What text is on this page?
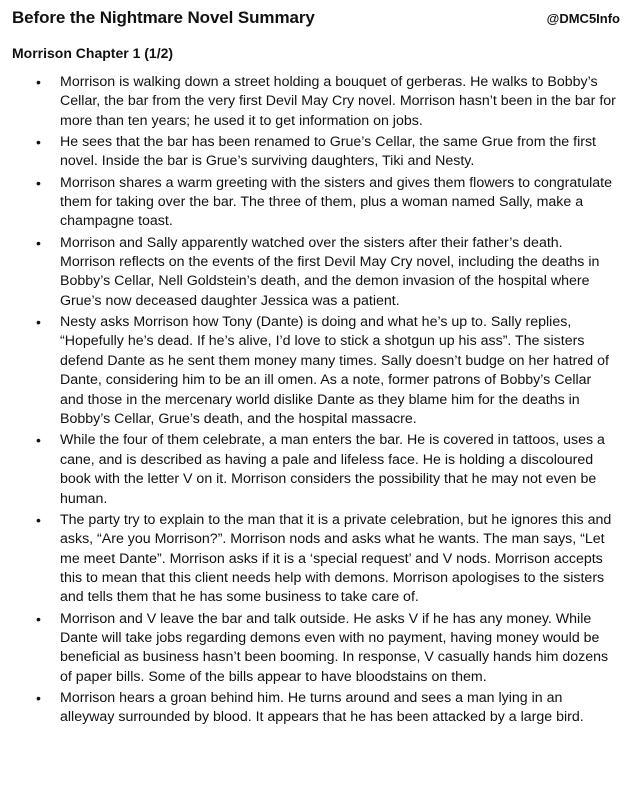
Before the Nightmare Novel Summary	@DMC5Info
Morrison Chapter 1 (1/2)
• Morrison is walking down a street holding a bouquet of gerberas. He walks to Bobby’s Cellar, the bar from the very first Devil May Cry novel. Morrison hasn’t been in the bar for more than ten years; he used it to get information on jobs.
• He sees that the bar has been renamed to Grue’s Cellar, the same Grue from the first novel. Inside the bar is Grue’s surviving daughters, Tiki and Nesty.
• Morrison shares a warm greeting with the sisters and gives them flowers to congratulate them for taking over the bar. The three of them, plus a woman named Sally, make a champagne toast.
• Morrison and Sally apparently watched over the sisters after their father’s death. Morrison reflects on the events of the first Devil May Cry novel, including the deaths in Bobby’s Cellar, Nell Goldstein’s death, and the demon invasion of the hospital where Grue’s now deceased daughter Jessica was a patient.
• Nesty asks Morrison how Tony (Dante) is doing and what he’s up to. Sally replies, “Hopefully he’s dead. If he’s alive, I’d love to stick a shotgun up his ass”. The sisters defend Dante as he sent them money many times. Sally doesn’t budge on her hatred of Dante, considering him to be an ill omen. As a note, former patrons of Bobby’s Cellar and those in the mercenary world dislike Dante as they blame him for the deaths in Bobby’s Cellar, Grue’s death, and the hospital massacre.
• While the four of them celebrate, a man enters the bar. He is covered in tattoos, uses a cane, and is described as having a pale and lifeless face. He is holding a discoloured book with the letter V on it. Morrison considers the possibility that he may not even be human.
• The party try to explain to the man that it is a private celebration, but he ignores this and asks, “Are you Morrison?”. Morrison nods and asks what he wants. The man says, “Let me meet Dante”. Morrison asks if it is a ‘special request’ and V nods. Morrison accepts this to mean that this client needs help with demons. Morrison apologises to the sisters and tells them that he has some business to take care of.
• Morrison and V leave the bar and talk outside. He asks V if he has any money. While Dante will take jobs regarding demons even with no payment, having money would be beneficial as business hasn’t been booming. In response, V casually hands him dozens of paper bills. Some of the bills appear to have bloodstains on them.
• Morrison hears a groan behind him. He turns around and sees a man lying in an alleyway surrounded by blood. It appears that he has been attacked by a large bird.
